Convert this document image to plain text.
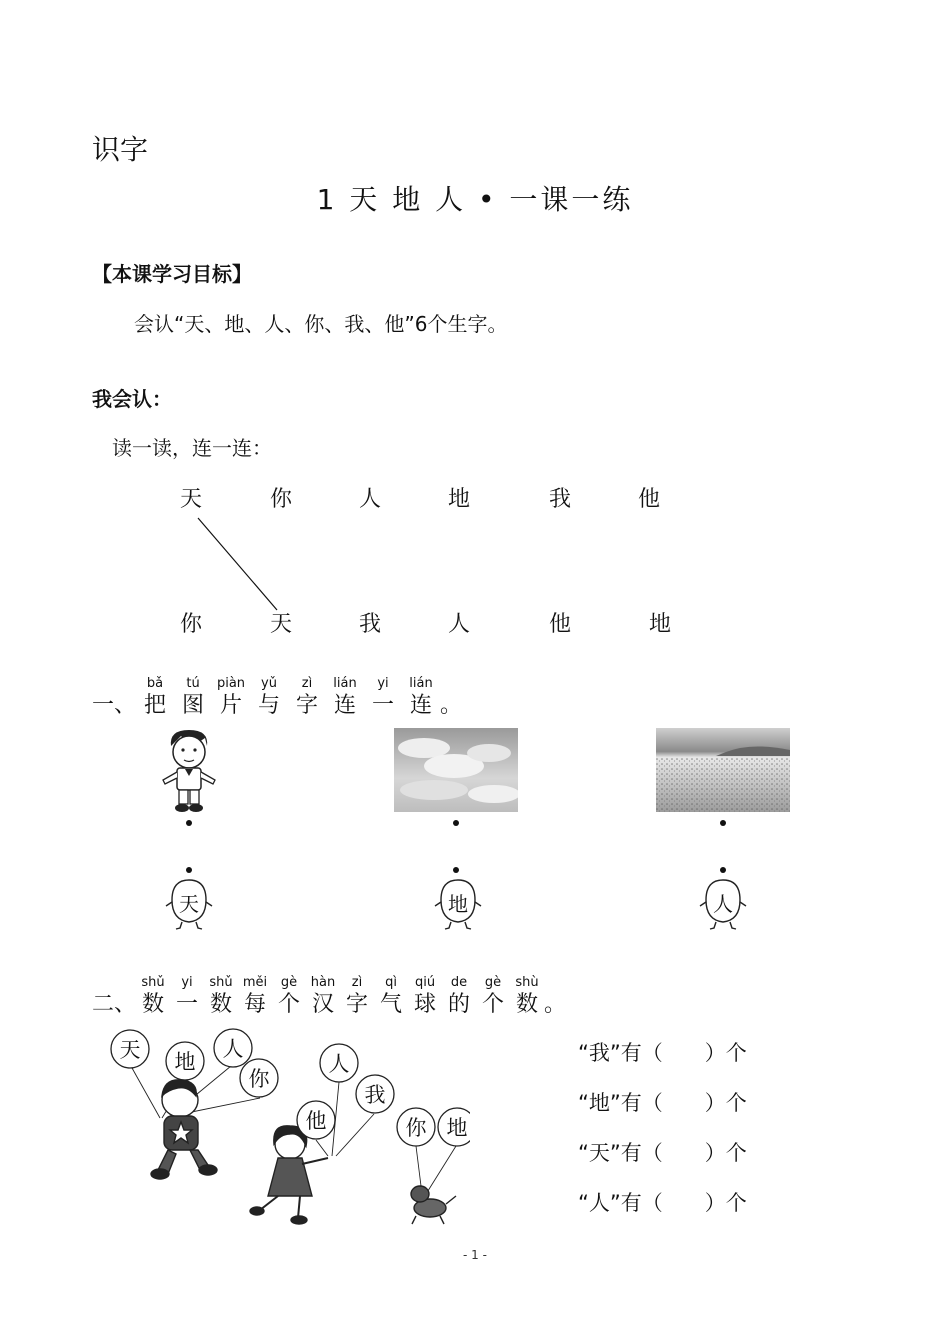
识字
1 天 地 人 • 一课一练
【本课学习目标】
会认“天、地、人、你、我、他”6个生字。
我会认：
读一读，连一连：
天	你	人	地	我	他
你	天	我	人	他	地
一、
bǎ
把
tú
图
piàn
片
yǔ
与
zì
字
lián
连
yi
一
lián
连 。
天	地	人
二、
shǔ
数
yi
一
shǔ
数
měi
每
gè
个
hàn
汉
zì
字
qì
气
qiú
球
de
的
gè
个
shù
数 。
天 地
人
你
人
他
我
你 地
“我”有（　　）个
“地”有（　　）个
“天”有（　　）个
“人”有（　　）个
- 1 -
